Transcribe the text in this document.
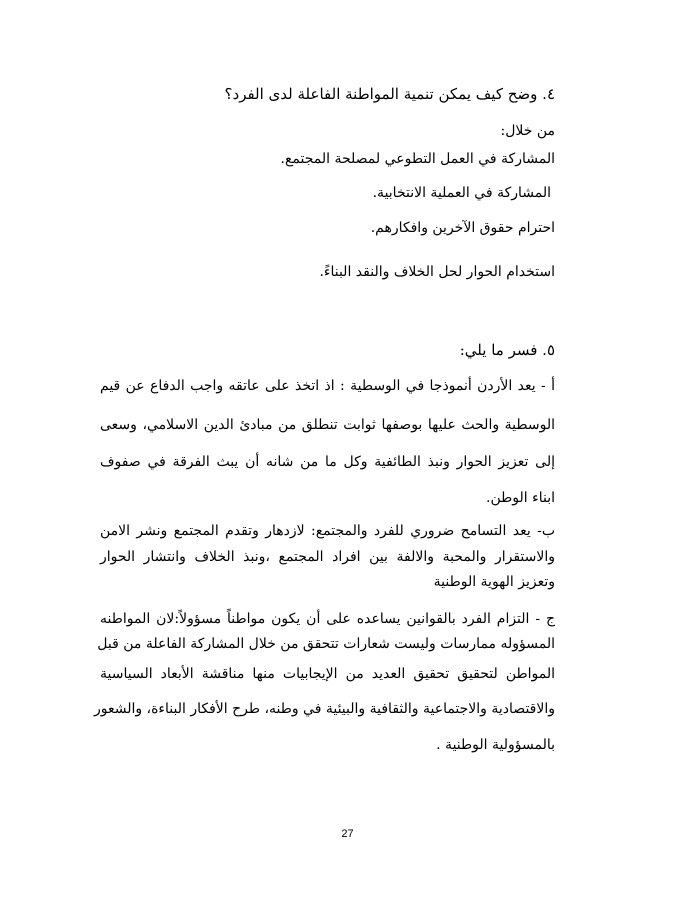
٤. وضح كيف يمكن تنمية المواطنة الفاعلة لدى الفرد؟

من خلال:

المشاركة في العمل التطوعي لمصلحة المجتمع.

المشاركة في العملية الانتخابية.

احترام حقوق الآخرين وافكارهم.

استخدام الحوار لحل الخلاف والنقد البناءً.

٥. فسر ما يلي:

أ - يعد الأردن أنموذجا في الوسطية : اذ اتخذ على عاتقه واجب الدفاع عن قيم

الوسطية والحث عليها بوصفها ثوابت تنطلق من مبادئ الدين الاسلامي، وسعى

إلى تعزيز الحوار ونبذ الطائفية وكل ما من شانه أن يبث الفرقة في صفوف

ابناء الوطن.

ب- يعد التسامح ضروري للفرد والمجتمع: لازدهار وتقدم المجتمع ونشر الامن

والاستقرار والمحبة والالفة بين افراد المجتمع ،ونبذ الخلاف وانتشار الحوار

وتعزيز الهوية الوطنية

ج - التزام الفرد بالقوانين يساعده على أن يكون مواطناً مسؤولاً:لان المواطنه

المسؤوله ممارسات وليست شعارات تتحقق من خلال المشاركة الفاعلة من قبل

المواطن لتحقيق تحقيق العديد من الإيجابيات منها مناقشة الأبعاد السياسية

والاقتصادية والاجتماعية والثقافية والبيئية في وطنه، طرح الأفكار البناءة، والشعور

بالمسؤولية الوطنية .

27
